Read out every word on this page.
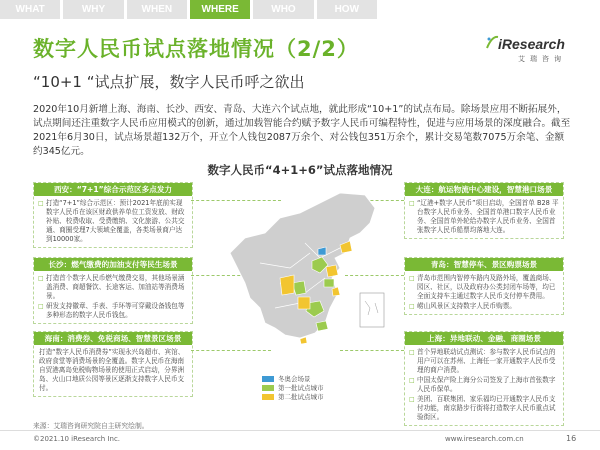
WHAT	WHY	WHEN	WHERE	WHO	HOW
数字人民币试点落地情况（2/2）
“10+1 “试点扩展，数字人民币呼之欲出
iResearch
艾瑞咨询
2020年10月新增上海、海南、长沙、西安、青岛、大连六个试点地，就此形成“10+1”的试点布局。除场景应用不断拓展外，试点期间还注重数字人民币应用模式的创新，通过加载智能合约赋予数字人民币可编程特性，促进与应用场景的深度融合。截至2021年6月30日，试点场景超132万个，开立个人钱包2087万余个、对公钱包351万余个，累计交易笔数7075万余笔、金额约345亿元。
数字人民币“4+1+6”试点落地情况
西安：“7+1”综合示范区多点发力
□ 打造“7+1”综合示范区：预计2021年底前实现数字人民币在该区财政供养单位工资发放、财政补贴、校费收取、受费缴纳、文化旅游、公共交通、商圈受理7大领域全覆盖，各类场景商户达到10000家。
长沙：燃气缴费的加油支付等民生场景
□ 打造首个数字人民币燃气缴费交易，其他场景涵盖消费、商超餐饮、长途客运、加油站等消费场景。
□ 研发支持徽章、手表、手环等可穿戴设备钱包等多种形态的数字人民币钱包。
海南：消费券、免税商场、智慧景区场景

打造“数字人民币消费券”实现永兴岛超市、宾馆、政府食堂等消费场景的全覆盖。数字人民币在海南自贸港离岛免税购物场景的使用正式启动，分界洲岛、火山口地质公园等景区逐渐支持数字人民币支付。

大连：航运物流中心建设，智慧港口场景
□ “辽港+数字人民币”项目启动，全国首单 B28 平台数字人民币业务、全国首单港口数字人民币业务、全国首单外轮给办数字人民币业务、全国首张数字人民币船票均落地大连。
青岛：智慧停车、景区购票场景
□ 青岛市范围内智停车路内及路外场，覆盖商场、园区、社区，以及政府办公类封闭车场等，均已全面支持车主通过数字人民币支付停车费用。
□ 崂山风景区支持数字人民币购票。
上海：异地联动、金融、商圈场景
□ 首个异地联动试点测试：参与数字人民币试点的用户可以在苏州、上海任一家开通数字人民币受理的商户消费。
□ 中国太保产险上海分公司签发了上海市首张数字人民币保单。
□ 美团、百联集团、家乐福均已开通数字人民币支付功能，南京路步行街将打造数字人民币重点试验街区。
冬奥会场景
第一批试点城市
第二批试点城市
来源：艾瑞咨询研究院自主研究绘制。
©2021.10 iResearch Inc.	www.iresearch.com.cn	16
